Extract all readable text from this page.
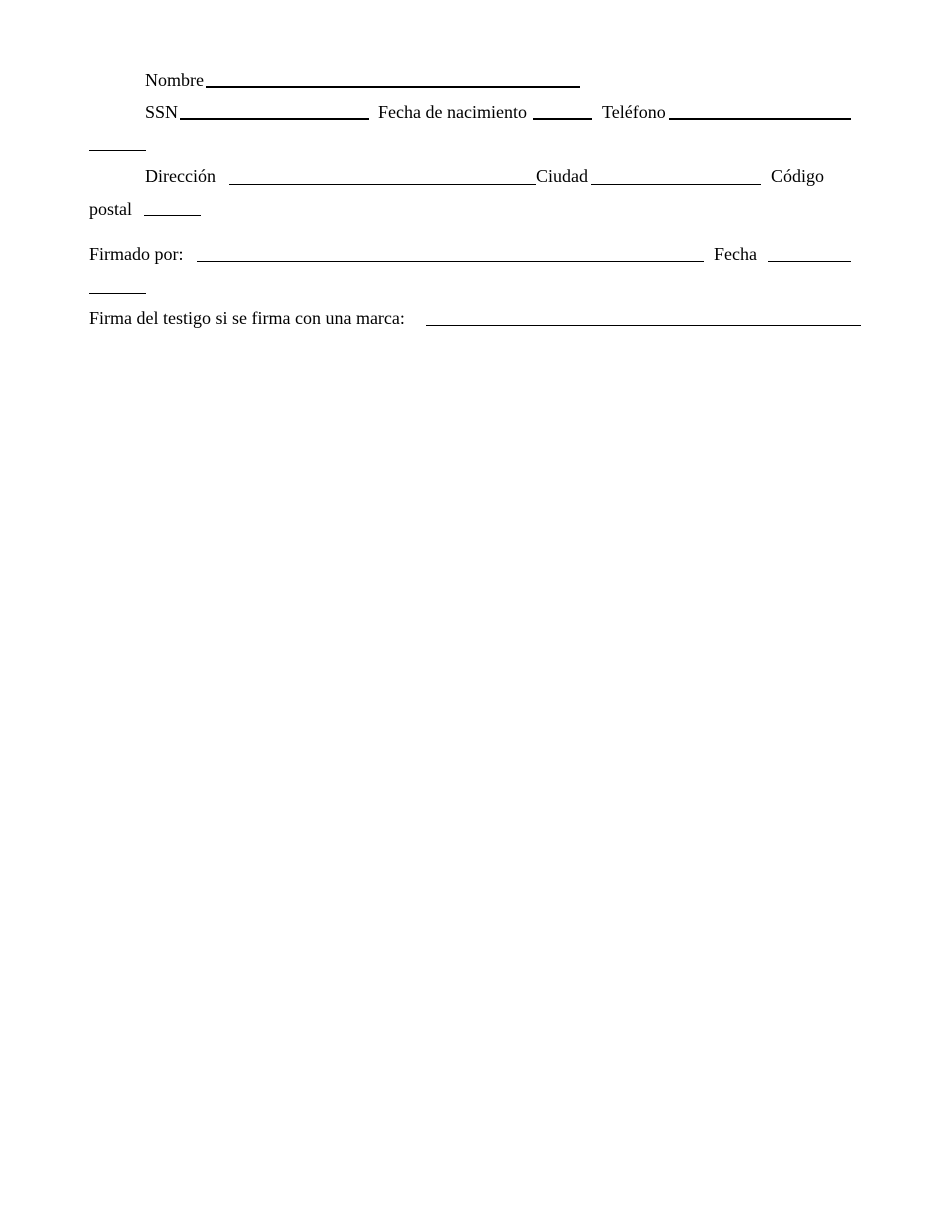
Nombre
SSN	Fecha de nacimiento	Teléfono
Dirección	Ciudad	Código
postal
Firmado por:	Fecha
Firma del testigo si se firma con una marca:
